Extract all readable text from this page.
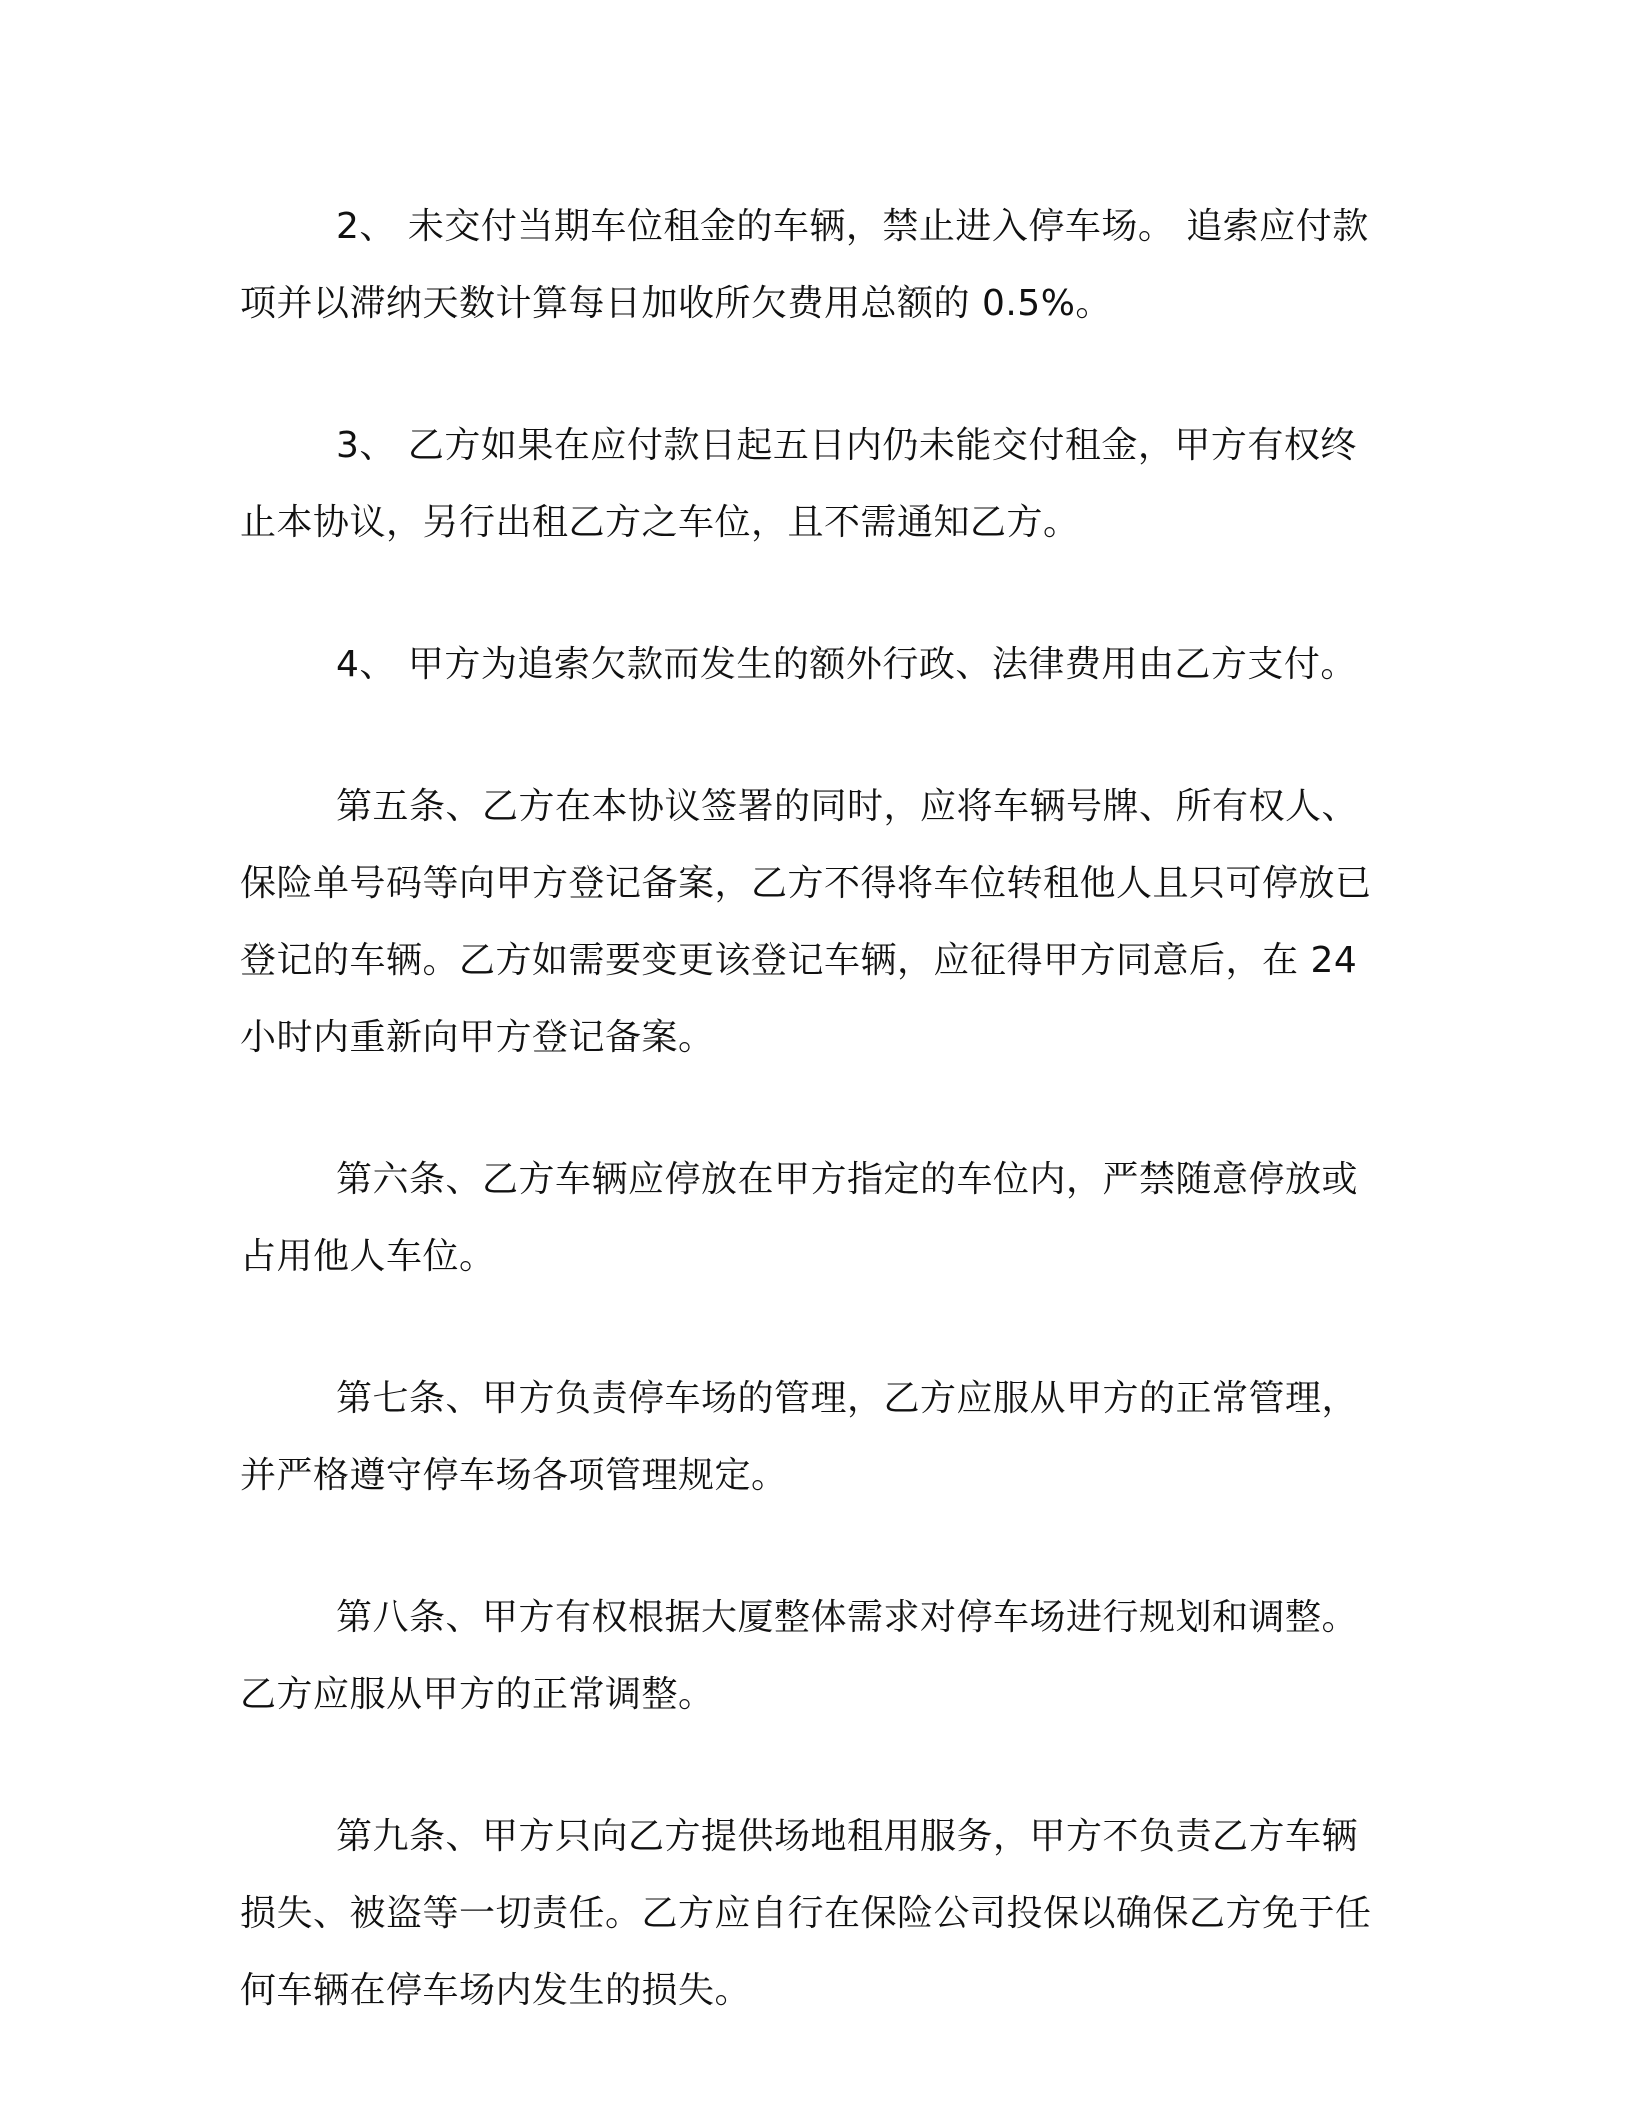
2、 未交付当期车位租金的车辆，禁止进入停车场。 追索应付款项并以滞纳天数计算每日加收所欠费用总额的 0.5%。

3、 乙方如果在应付款日起五日内仍未能交付租金，甲方有权终止本协议，另行出租乙方之车位，且不需通知乙方。

4、 甲方为追索欠款而发生的额外行政、法律费用由乙方支付。

第五条、乙方在本协议签署的同时，应将车辆号牌、所有权人、保险单号码等向甲方登记备案，乙方不得将车位转租他人且只可停放已登记的车辆。乙方如需要变更该登记车辆，应征得甲方同意后，在 24 小时内重新向甲方登记备案。

第六条、乙方车辆应停放在甲方指定的车位内，严禁随意停放或占用他人车位。

第七条、甲方负责停车场的管理，乙方应服从甲方的正常管理，并严格遵守停车场各项管理规定。

第八条、甲方有权根据大厦整体需求对停车场进行规划和调整。乙方应服从甲方的正常调整。

第九条、甲方只向乙方提供场地租用服务，甲方不负责乙方车辆损失、被盗等一切责任。乙方应自行在保险公司投保以确保乙方免于任何车辆在停车场内发生的损失。
